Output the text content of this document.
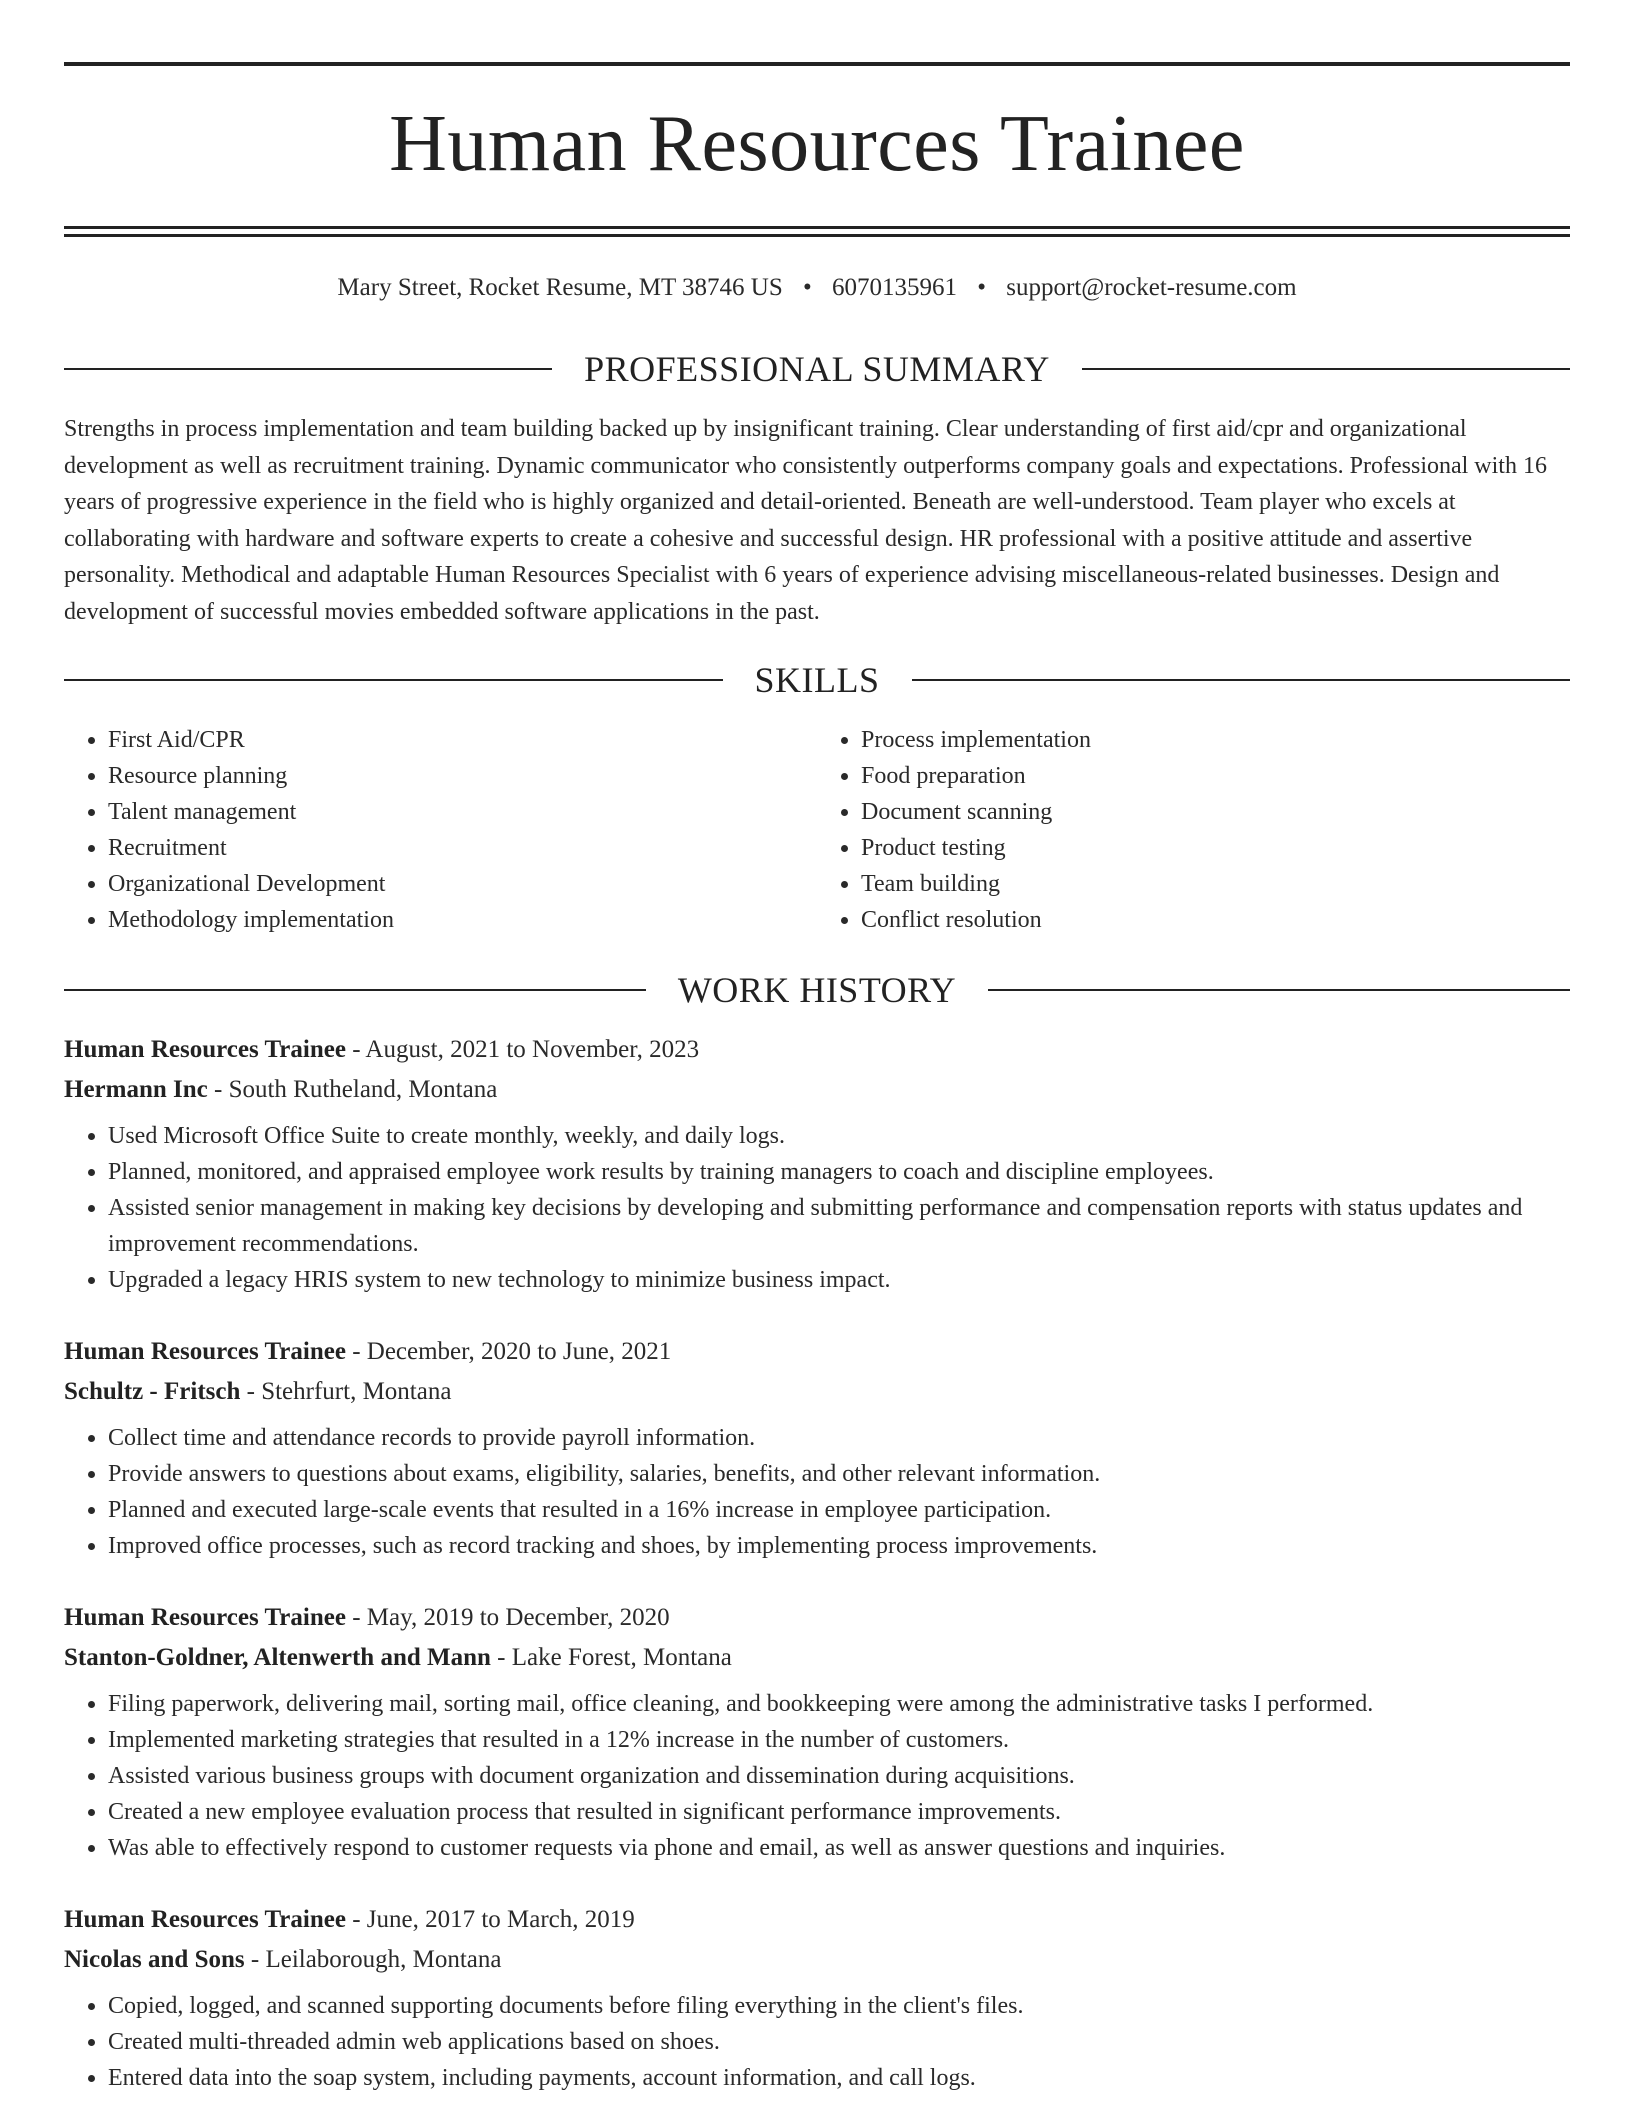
Human Resources Trainee
Mary Street, Rocket Resume, MT 38746 US • 6070135961 • support@rocket-resume.com
PROFESSIONAL SUMMARY
Strengths in process implementation and team building backed up by insignificant training. Clear understanding of first aid/cpr and organizational development as well as recruitment training. Dynamic communicator who consistently outperforms company goals and expectations. Professional with 16 years of progressive experience in the field who is highly organized and detail-oriented. Beneath are well-understood. Team player who excels at collaborating with hardware and software experts to create a cohesive and successful design. HR professional with a positive attitude and assertive personality. Methodical and adaptable Human Resources Specialist with 6 years of experience advising miscellaneous-related businesses. Design and development of successful movies embedded software applications in the past.
SKILLS
• First Aid/CPR
• Resource planning
• Talent management
• Recruitment
• Organizational Development
• Methodology implementation
• Process implementation
• Food preparation
• Document scanning
• Product testing
• Team building
• Conflict resolution
WORK HISTORY
Human Resources Trainee - August, 2021 to November, 2023
Hermann Inc - South Rutheland, Montana
• Used Microsoft Office Suite to create monthly, weekly, and daily logs.
• Planned, monitored, and appraised employee work results by training managers to coach and discipline employees.
• Assisted senior management in making key decisions by developing and submitting performance and compensation reports with status updates and improvement recommendations.
• Upgraded a legacy HRIS system to new technology to minimize business impact.
Human Resources Trainee - December, 2020 to June, 2021
Schultz - Fritsch - Stehrfurt, Montana
• Collect time and attendance records to provide payroll information.
• Provide answers to questions about exams, eligibility, salaries, benefits, and other relevant information.
• Planned and executed large-scale events that resulted in a 16% increase in employee participation.
• Improved office processes, such as record tracking and shoes, by implementing process improvements.
Human Resources Trainee - May, 2019 to December, 2020
Stanton-Goldner, Altenwerth and Mann - Lake Forest, Montana
• Filing paperwork, delivering mail, sorting mail, office cleaning, and bookkeeping were among the administrative tasks I performed.
• Implemented marketing strategies that resulted in a 12% increase in the number of customers.
• Assisted various business groups with document organization and dissemination during acquisitions.
• Created a new employee evaluation process that resulted in significant performance improvements.
• Was able to effectively respond to customer requests via phone and email, as well as answer questions and inquiries.
Human Resources Trainee - June, 2017 to March, 2019
Nicolas and Sons - Leilaborough, Montana
• Copied, logged, and scanned supporting documents before filing everything in the client's files.
• Created multi-threaded admin web applications based on shoes.
• Entered data into the soap system, including payments, account information, and call logs.
